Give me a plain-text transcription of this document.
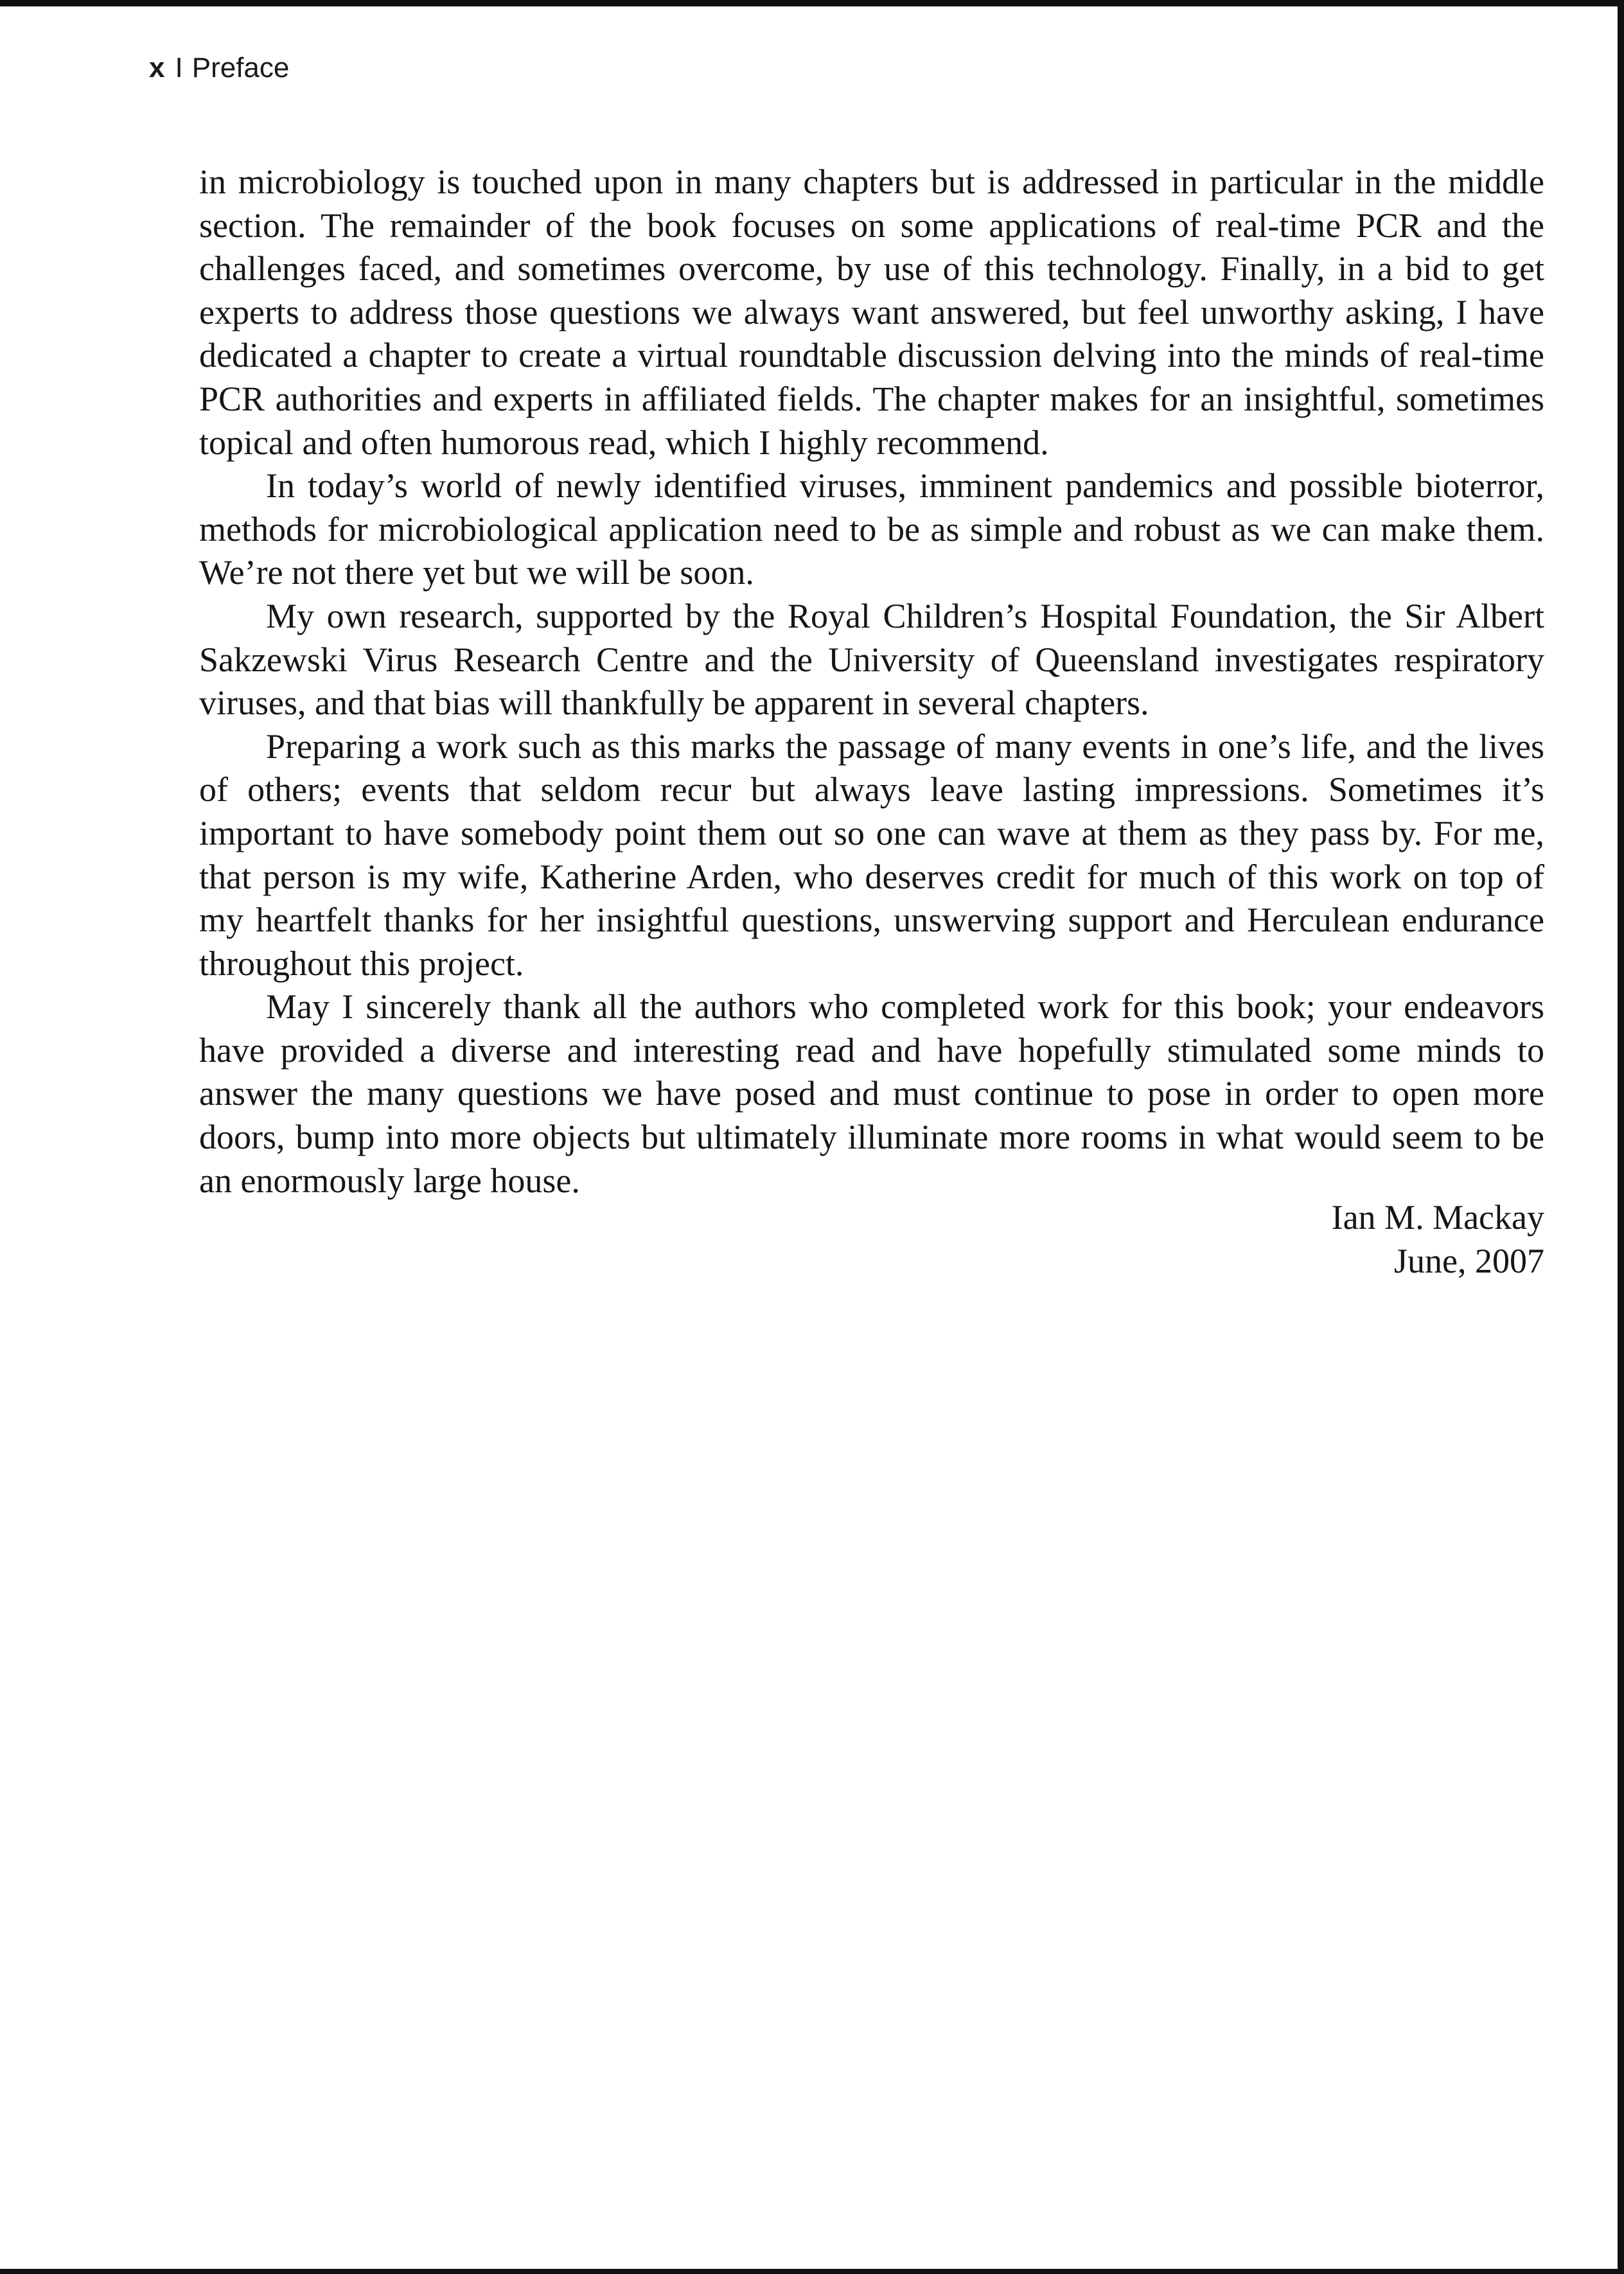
x I Preface

in microbiology is touched upon in many chapters but is addressed in particular in the middle section. The remainder of the book focuses on some applications of real-time PCR and the challenges faced, and sometimes overcome, by use of this technology. Finally, in a bid to get experts to address those questions we always want answered, but feel unworthy asking, I have dedicated a chapter to create a virtual roundtable discussion delving into the minds of real-time PCR authorities and experts in affiliated fields. The chapter makes for an insightful, sometimes topical and often humorous read, which I highly recommend.

In today’s world of newly identified viruses, imminent pandemics and possible bioterror, methods for microbiological application need to be as simple and robust as we can make them. We’re not there yet but we will be soon.

My own research, supported by the Royal Children’s Hospital Foundation, the Sir Albert Sakzewski Virus Research Centre and the University of Queensland investigates respiratory viruses, and that bias will thankfully be apparent in several chapters.

Preparing a work such as this marks the passage of many events in one’s life, and the lives of others; events that seldom recur but always leave lasting impressions. Sometimes it’s important to have somebody point them out so one can wave at them as they pass by. For me, that person is my wife, Katherine Arden, who deserves credit for much of this work on top of my heartfelt thanks for her insightful questions, unswerving support and Herculean endurance throughout this project.

May I sincerely thank all the authors who completed work for this book; your endeavors have provided a diverse and interesting read and have hopefully stimulated some minds to answer the many questions we have posed and must continue to pose in order to open more doors, bump into more objects but ultimately illuminate more rooms in what would seem to be an enormously large house.

Ian M. Mackay
June, 2007
